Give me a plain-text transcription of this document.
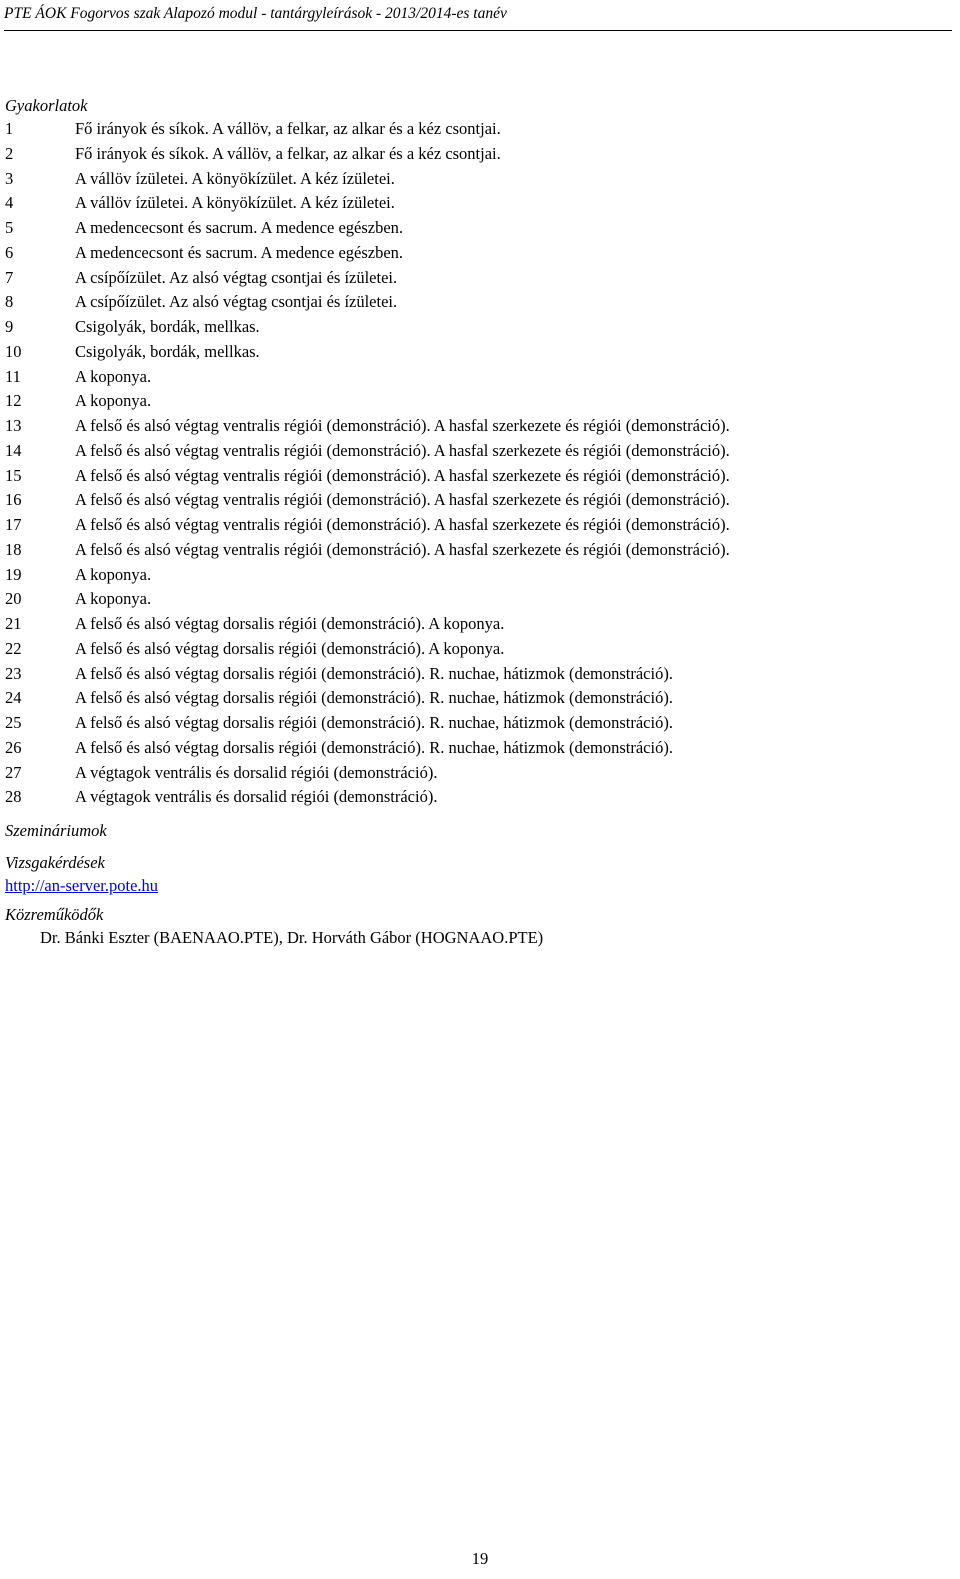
PTE ÁOK Fogorvos szak Alapozó modul - tantárgyleírások - 2013/2014-es tanév
Gyakorlatok
1	Fő irányok és síkok. A vállöv, a felkar, az alkar és a kéz csontjai.
2	Fő irányok és síkok. A vállöv, a felkar, az alkar és a kéz csontjai.
3	A vállöv ízületei. A könyökízület. A kéz ízületei.
4	A vállöv ízületei. A könyökízület. A kéz ízületei.
5	A medencecsont és sacrum. A medence egészben.
6	A medencecsont és sacrum. A medence egészben.
7	A csípőízület. Az alsó végtag csontjai és ízületei.
8	A csípőízület. Az alsó végtag csontjai és ízületei.
9	Csigolyák, bordák, mellkas.
10	Csigolyák, bordák, mellkas.
11	A koponya.
12	A koponya.
13	A felső és alsó végtag ventralis régiói (demonstráció). A hasfal szerkezete és régiói (demonstráció).
14	A felső és alsó végtag ventralis régiói (demonstráció). A hasfal szerkezete és régiói (demonstráció).
15	A felső és alsó végtag ventralis régiói (demonstráció). A hasfal szerkezete és régiói (demonstráció).
16	A felső és alsó végtag ventralis régiói (demonstráció). A hasfal szerkezete és régiói (demonstráció).
17	A felső és alsó végtag ventralis régiói (demonstráció). A hasfal szerkezete és régiói (demonstráció).
18	A felső és alsó végtag ventralis régiói (demonstráció). A hasfal szerkezete és régiói (demonstráció).
19	A koponya.
20	A koponya.
21	A felső és alsó végtag dorsalis régiói (demonstráció). A koponya.
22	A felső és alsó végtag dorsalis régiói (demonstráció). A koponya.
23	A felső és alsó végtag dorsalis régiói (demonstráció). R. nuchae, hátizmok (demonstráció).
24	A felső és alsó végtag dorsalis régiói (demonstráció). R. nuchae, hátizmok (demonstráció).
25	A felső és alsó végtag dorsalis régiói (demonstráció). R. nuchae, hátizmok (demonstráció).
26	A felső és alsó végtag dorsalis régiói (demonstráció). R. nuchae, hátizmok (demonstráció).
27	A végtagok ventrális és dorsalid régiói (demonstráció).
28	A végtagok ventrális és dorsalid régiói (demonstráció).
Szemináriumok
Vizsgakérdések
http://an-server.pote.hu
Közreműködők
Dr. Bánki Eszter (BAENAAO.PTE), Dr. Horváth Gábor (HOGNAAO.PTE)
19
